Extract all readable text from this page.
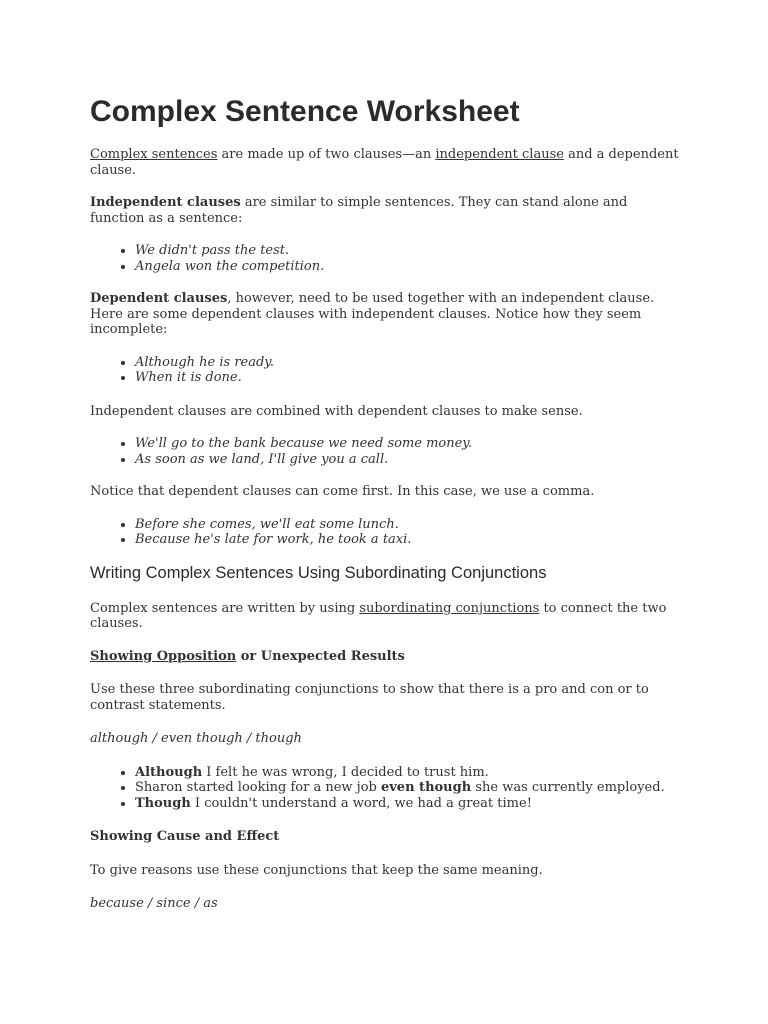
Complex Sentence Worksheet

Complex sentences are made up of two clauses—an independent clause and a dependent clause.

Independent clauses are similar to simple sentences. They can stand alone and function as a sentence:

• We didn't pass the test.
• Angela won the competition.

Dependent clauses, however, need to be used together with an independent clause. Here are some dependent clauses with independent clauses. Notice how they seem incomplete:

• Although he is ready.
• When it is done.

Independent clauses are combined with dependent clauses to make sense.

• We'll go to the bank because we need some money.
• As soon as we land, I'll give you a call.

Notice that dependent clauses can come first. In this case, we use a comma.

• Before she comes, we'll eat some lunch.
• Because he's late for work, he took a taxi.
Writing Complex Sentences Using Subordinating Conjunctions

Complex sentences are written by using subordinating conjunctions to connect the two clauses.

Showing Opposition or Unexpected Results

Use these three subordinating conjunctions to show that there is a pro and con or to contrast statements.

although / even though / though

• Although I felt he was wrong, I decided to trust him.
• Sharon started looking for a new job even though she was currently employed.
• Though I couldn't understand a word, we had a great time!

Showing Cause and Effect

To give reasons use these conjunctions that keep the same meaning.

because / since / as
